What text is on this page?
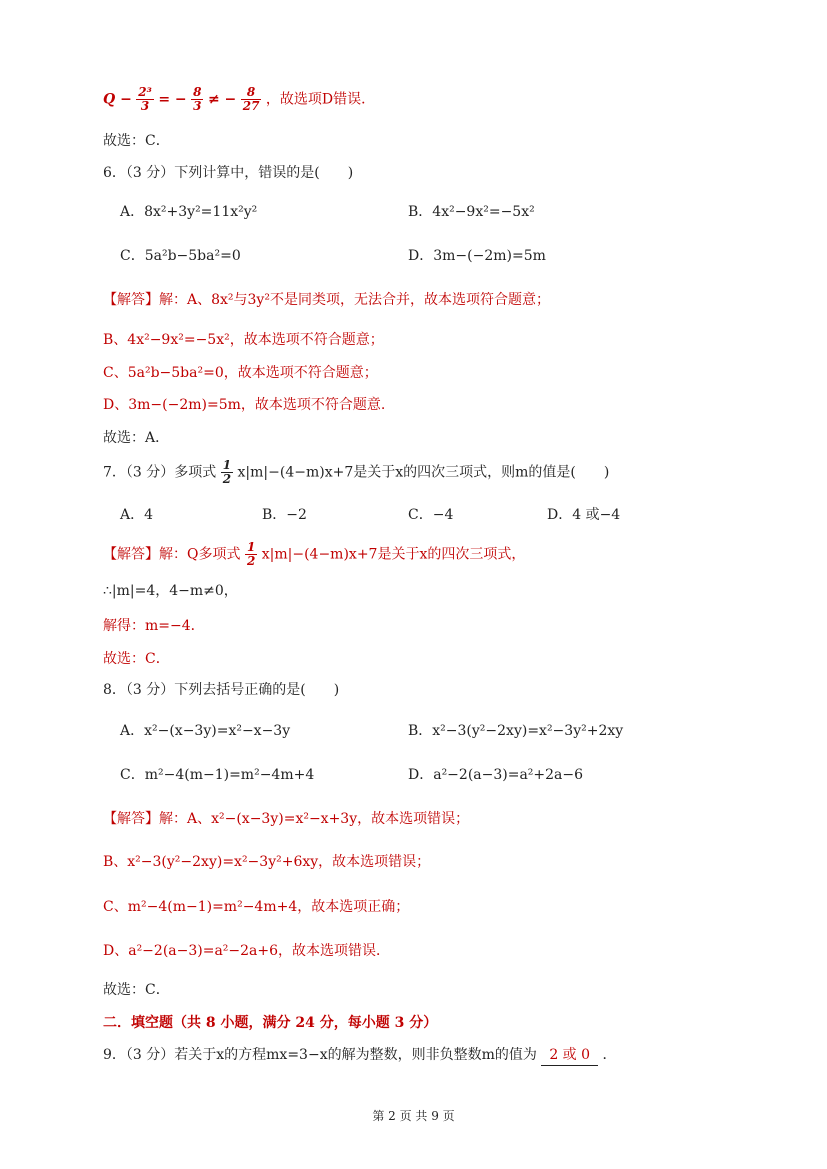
$Q - \frac{\text{2³}}{3}$ = − $\frac{8}{3}$ ≠ − $\frac{8}{27}$ ，故选项D错误．
故选：C．
6．（3 分）下列计算中，错误的是(　　)
A．8x²+3y²=11x²y²	B．4x²−9x²=−5x²
C．5a²b−5ba²=0	D．3m−(−2m)=5m
【解答】解：A、8x²与3y²不是同类项，无法合并，故本选项符合题意；
B、4x²−9x²=−5x²，故本选项不符合题意；
C、5a²b−5ba²=0，故本选项不符合题意；
D、3m−(−2m)=5m，故本选项不符合题意.
故选：A．
7．（3 分）多项式 $\frac{1}{2} x|m|-(4-m)x+7$是关于x的四次三项式，则m的值是(　　)
A．4	B．−2	C．−4	D．4 或−4
【解答】解：Q多项式 $\frac{1}{2} x|m|-(4-m)x+7$是关于x的四次三项式，
∴|m|=4，4−m≠0，
解得：m=−4．
故选：C．
8．（3 分）下列去括号正确的是(　　)
A．x²−(x−3y)=x²−x−3y	B．x²−3(y²−2xy)=x²−3y²+2xy
C．m²−4(m−1)=m²−4m+4	D．a²−2(a−3)=a²+2a−6
【解答】解：A、x²−(x−3y)=x²−x+3y，故本选项错误；
B、x²−3(y²−2xy)=x²−3y²+6xy，故本选项错误；
C、m²−4(m−1)=m²−4m+4，故本选项正确；
D、a²−2(a−3)=a²−2a+6，故本选项错误．
故选：C．
二．填空题（共 8 小题，满分 24 分，每小题 3 分）
9．（3 分）若关于x的方程mx=3−x的解为整数，则非负整数m的值为 2 或 0 ．
第 2 页 共 9 页
